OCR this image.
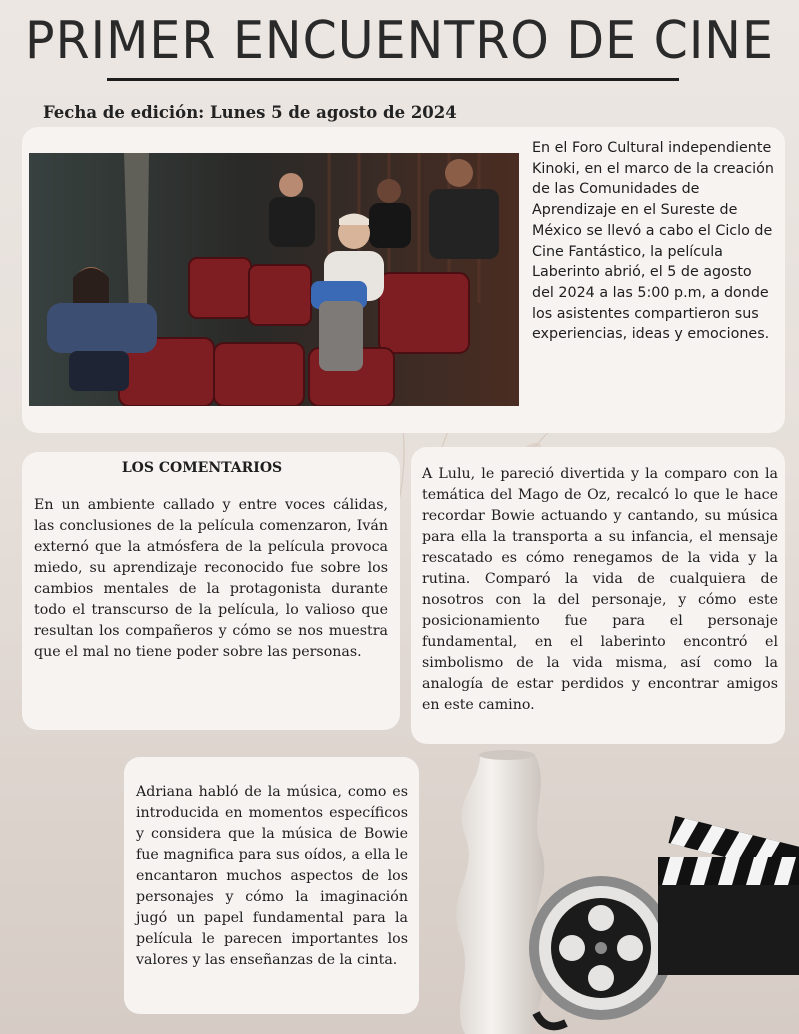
PRIMER ENCUENTRO DE CINE
Fecha de edición: Lunes 5 de agosto de 2024
En el Foro Cultural independiente Kinoki, en el marco de la creación de las Comunidades de Aprendizaje en el Sureste de México se llevó a cabo el Ciclo de Cine Fantástico, la película Laberinto abrió, el 5 de agosto del 2024 a las 5:00 p.m, a donde los asistentes compartieron sus experiencias, ideas y emociones.
LOS COMENTARIOS
En un ambiente callado y entre voces cálidas, las conclusiones de la película comenzaron, Iván externó que la atmósfera de la película provoca miedo, su aprendizaje reconocido fue sobre los cambios mentales de la protagonista durante todo el transcurso de la película, lo valioso que resultan los compañeros y cómo se nos muestra que el mal no tiene poder sobre las personas.
A Lulu, le pareció divertida y la comparo con la temática del Mago de Oz, recalcó lo que le hace recordar Bowie actuando y cantando, su música para ella la transporta a su infancia, el mensaje rescatado es cómo renegamos de la vida y la rutina. Comparó la vida de cualquiera de nosotros con la del personaje, y cómo este posicionamiento fue para el personaje fundamental, en el laberinto encontró el simbolismo de la vida misma, así como la analogía de estar perdidos y encontrar amigos en este camino.
Adriana habló de la música, como es introducida en momentos específicos y considera que la música de Bowie fue magnifica para sus oídos, a ella le encantaron muchos aspectos de los personajes y cómo la imaginación jugó un papel fundamental para la película le parecen importantes los valores y las enseñanzas de la cinta.
